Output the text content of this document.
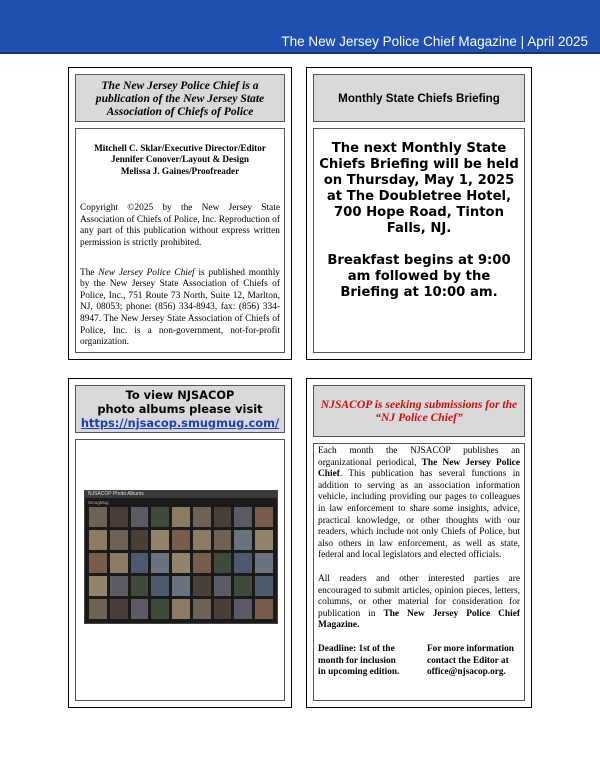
The New Jersey Police Chief Magazine | April 2025
The New Jersey Police Chief is a publication of the New Jersey State Association of Chiefs of Police
Mitchell C. Sklar/Executive Director/Editor
Jennifer Conover/Layout & Design
Melissa J. Gaines/Proofreader

Copyright ©2025 by the New Jersey State Association of Chiefs of Police, Inc. Reproduction of any part of this publication without express written permission is strictly prohibited.

The New Jersey Police Chief is published monthly by the New Jersey State Association of Chiefs of Police, Inc., 751 Route 73 North, Suite 12, Marlton, NJ, 08053; phone: (856) 334-8943, fax: (856) 334-8947. The New Jersey State Association of Chiefs of Police, Inc. is a non-government, not-for-profit organization.

Monthly State Chiefs Briefing

The next Monthly State Chiefs Briefing will be held on Thursday, May 1, 2025 at The Doubletree Hotel, 700 Hope Road, Tinton Falls, NJ.

Breakfast begins at 9:00 am followed by the Briefing at 10:00 am.

To view NJSACOP
photo albums please visit
https://njsacop.smugmug.com/
NJSACOP Photo Albums
SmugMug
NJSACOP is seeking submissions for the “NJ Police Chief”

Each month the NJSACOP publishes an organizational periodical, The New Jersey Police Chief. This publication has several functions in addition to serving as an association information vehicle, including providing our pages to colleagues in law enforcement to share some insights, advice, practical knowledge, or other thoughts with our readers, which include not only Chiefs of Police, but also others in law enforcement, as well as state, federal and local legislators and elected officials.

All readers and other interested parties are encouraged to submit articles, opinion pieces, letters, columns, or other material for consideration for publication in The New Jersey Police Chief Magazine.

Deadline: 1st of the
month for inclusion
in upcoming edition.
For more information
contact the Editor at
office@njsacop.org.
